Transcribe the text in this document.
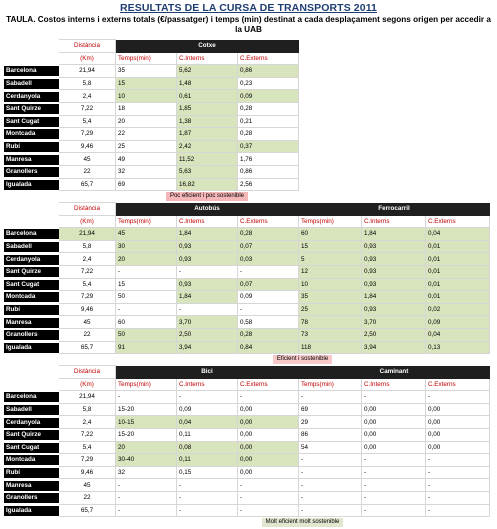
RESULTATS DE LA CURSA DE TRANSPORTS 2011
TAULA. Costos interns i externs totals (€/passatger) i temps (min) destinat a cada desplaçament segons origen per accedir a la UAB
	Distància	Cotxe		
	(Km)	Temps(min)	C.Interns	C.Externs

Barcelona	21,94	35	5,62	0,86

Sabadell	5,8	15	1,48	0,23

Cerdanyola	2,4	10	0,61	0,09

Sant Quirze	7,22	18	1,85	0,28

Sant Cugat	5,4	20	1,38	0,21

Montcada	7,29	22	1,87	0,28

Rubí	9,46	25	2,42	0,37

Manresa	45	49	11,52	1,76

Granollers	22	32	5,63	0,86

Igualada	65,7	69	16,82	2,56
		Poc eficient i poc sostenible		
	Distància	Autobús			Ferrocarril		
	(Km)	Temps(min)	C.Interns	C.Externs	Temps(min)	C.Interns	C.Externs

Barcelona	21,94	45	1,84	0,28	60	1,84	0,04

Sabadell	5,8	30	0,93	0,07	15	0,93	0,01

Cerdanyola	2,4	20	0,93	0,03	5	0,93	0,01

Sant Quirze	7,22	-	-	-	12	0,93	0,01

Sant Cugat	5,4	15	0,93	0,07	10	0,93	0,01

Montcada	7,29	50	1,84	0,09	35	1,84	0,01

Rubí	9,46	-	-	-	25	0,93	0,02

Manresa	45	60	3,70	0,58	78	3,70	0,09

Granollers	22	50	2,50	0,28	73	2,50	0,04

Igualada	65,7	91	3,94	0,84	118	3,94	0,13
		Eficient i sostenible					
	Distància	Bici			Caminant		
	(Km)	Temps(min)	C.Interns	C.Externs	Temps(min)	C.Interns	C.Externs

Barcelona	21,94	-	-	-	-	-	-

Sabadell	5,8	15-20	0,09	0,00	69	0,00	0,00

Cerdanyola	2,4	10-15	0,04	0,00	29	0,00	0,00

Sant Quirze	7,22	15-20	0,11	0,00	86	0,00	0,00

Sant Cugat	5,4	20	0,08	0,00	54	0,00	0,00

Montcada	7,29	30-40	0,11	0,00	-	-	-

Rubí	9,46	32	0,15	0,00	-	-	-

Manresa	45	-	-	-	-	-	-

Granollers	22	-	-	-	-	-	-

Igualada	65,7	-	-	-	-	-	-
		Molt eficient molt sostenible					
